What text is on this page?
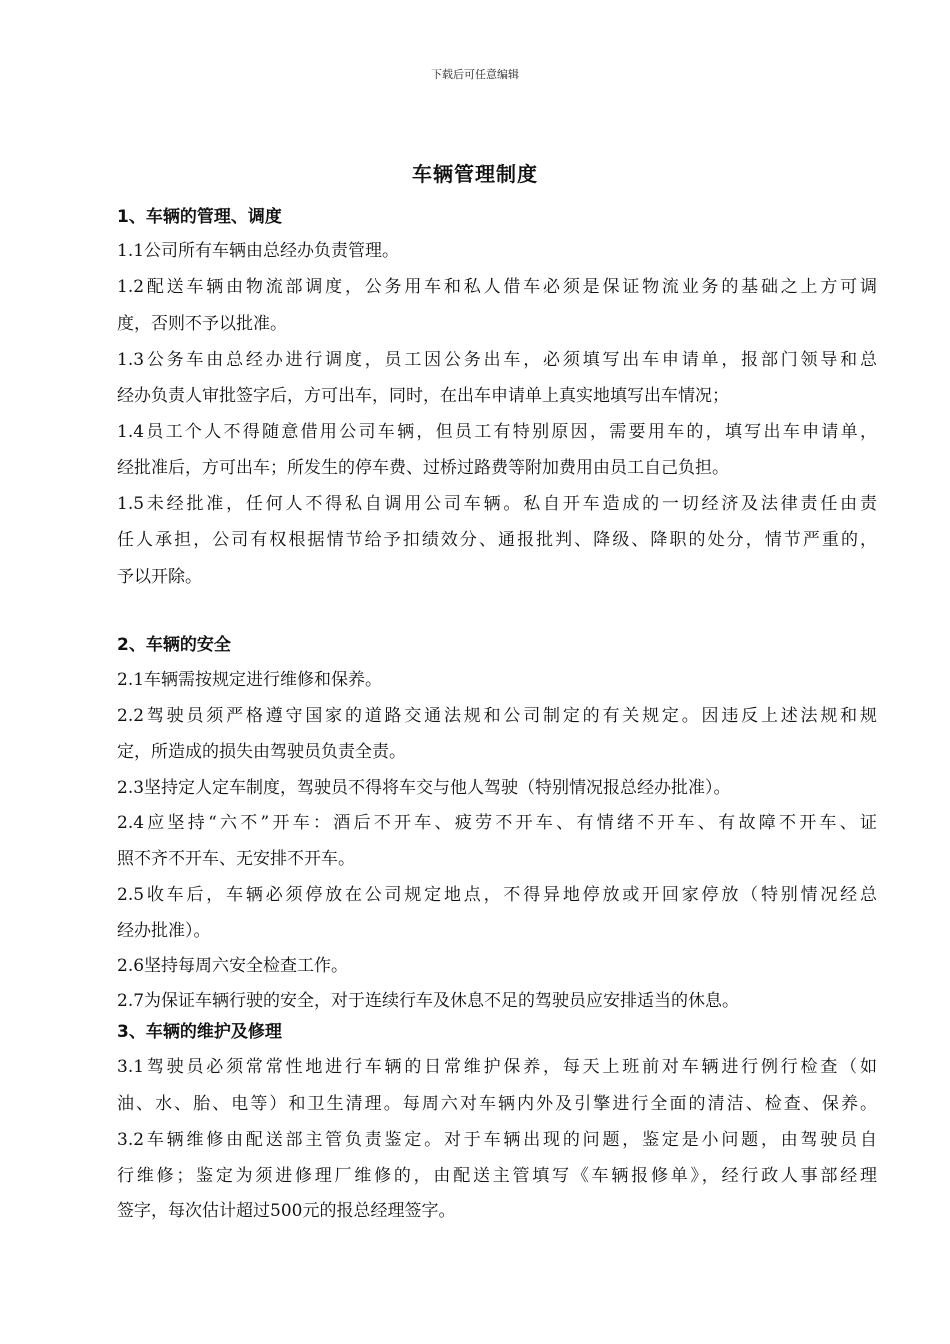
下载后可任意编辑
车辆管理制度
1、车辆的管理、调度
1.1公司所有车辆由总经办负责管理。
1.2配送车辆由物流部调度，公务用车和私人借车必须是保证物流业务的基础之上方可调
度，否则不予以批准。
1.3公务车由总经办进行调度，员工因公务出车，必须填写出车申请单，报部门领导和总
经办负责人审批签字后，方可出车，同时，在出车申请单上真实地填写出车情况；
1.4员工个人不得随意借用公司车辆，但员工有特别原因，需要用车的，填写出车申请单，
经批准后，方可出车；所发生的停车费、过桥过路费等附加费用由员工自己负担。
1.5未经批准，任何人不得私自调用公司车辆。私自开车造成的一切经济及法律责任由责
任人承担，公司有权根据情节给予扣绩效分、通报批判、降级、降职的处分，情节严重的，
予以开除。
2、车辆的安全
2.1车辆需按规定进行维修和保养。
2.2驾驶员须严格遵守国家的道路交通法规和公司制定的有关规定。因违反上述法规和规
定，所造成的损失由驾驶员负责全责。
2.3坚持定人定车制度，驾驶员不得将车交与他人驾驶（特别情况报总经办批准）。
2.4应坚持“六不”开车：酒后不开车、疲劳不开车、有情绪不开车、有故障不开车、证
照不齐不开车、无安排不开车。
2.5收车后，车辆必须停放在公司规定地点，不得异地停放或开回家停放（特别情况经总
经办批准）。
2.6坚持每周六安全检查工作。
2.7为保证车辆行驶的安全，对于连续行车及休息不足的驾驶员应安排适当的休息。
3、车辆的维护及修理
3.1驾驶员必须常常性地进行车辆的日常维护保养，每天上班前对车辆进行例行检查（如
油、水、胎、电等）和卫生清理。每周六对车辆内外及引擎进行全面的清洁、检查、保养。
3.2车辆维修由配送部主管负责鉴定。对于车辆出现的问题，鉴定是小问题，由驾驶员自
行维修；鉴定为须进修理厂维修的，由配送主管填写《车辆报修单》，经行政人事部经理
签字，每次估计超过500元的报总经理签字。
